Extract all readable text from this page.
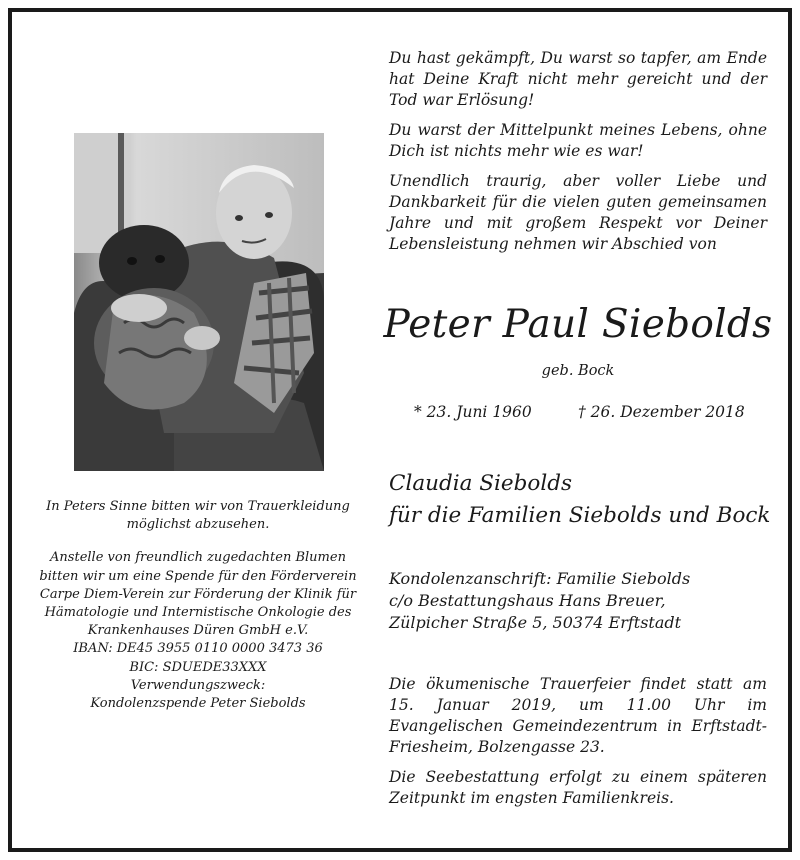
Du hast gekämpft, Du warst so tapfer, am Ende hat Deine Kraft nicht mehr gereicht und der Tod war Erlösung!

Du warst der Mittelpunkt meines Lebens, ohne Dich ist nichts mehr wie es war!

Unendlich traurig, aber voller Liebe und Dankbarkeit für die vielen guten gemeinsamen Jahre und mit großem Respekt vor Deiner Lebensleistung nehmen wir Abschied von

In Peters Sinne bitten wir von Trauerkleidung
möglichst abzusehen.
Anstelle von freundlich zugedachten Blumen
bitten wir um eine Spende für den Förderverein
Carpe Diem-Verein zur Förderung der Klinik für
Hämatologie und Internistische Onkologie des
Krankenhauses Düren GmbH e.V.
IBAN: DE45 3955 0110 0000 3473 36
BIC: SDUEDE33XXX
Verwendungszweck:
Kondolenzspende Peter Siebolds
Peter Paul Siebolds
geb. Bock
* 23. Juni 1960	† 26. Dezember 2018
Claudia Siebolds
für die Familien Siebolds und Bock
Kondolenzanschrift: Familie Siebolds
c/o Bestattungshaus Hans Breuer,
Zülpicher Straße 5, 50374 Erftstadt

Die ökumenische Trauerfeier findet statt am 15. Januar 2019, um 11.00 Uhr im Evangelischen Gemeindezentrum in Erftstadt-Friesheim, Bolzengasse 23.

Die Seebestattung erfolgt zu einem späteren Zeitpunkt im engsten Familienkreis.
